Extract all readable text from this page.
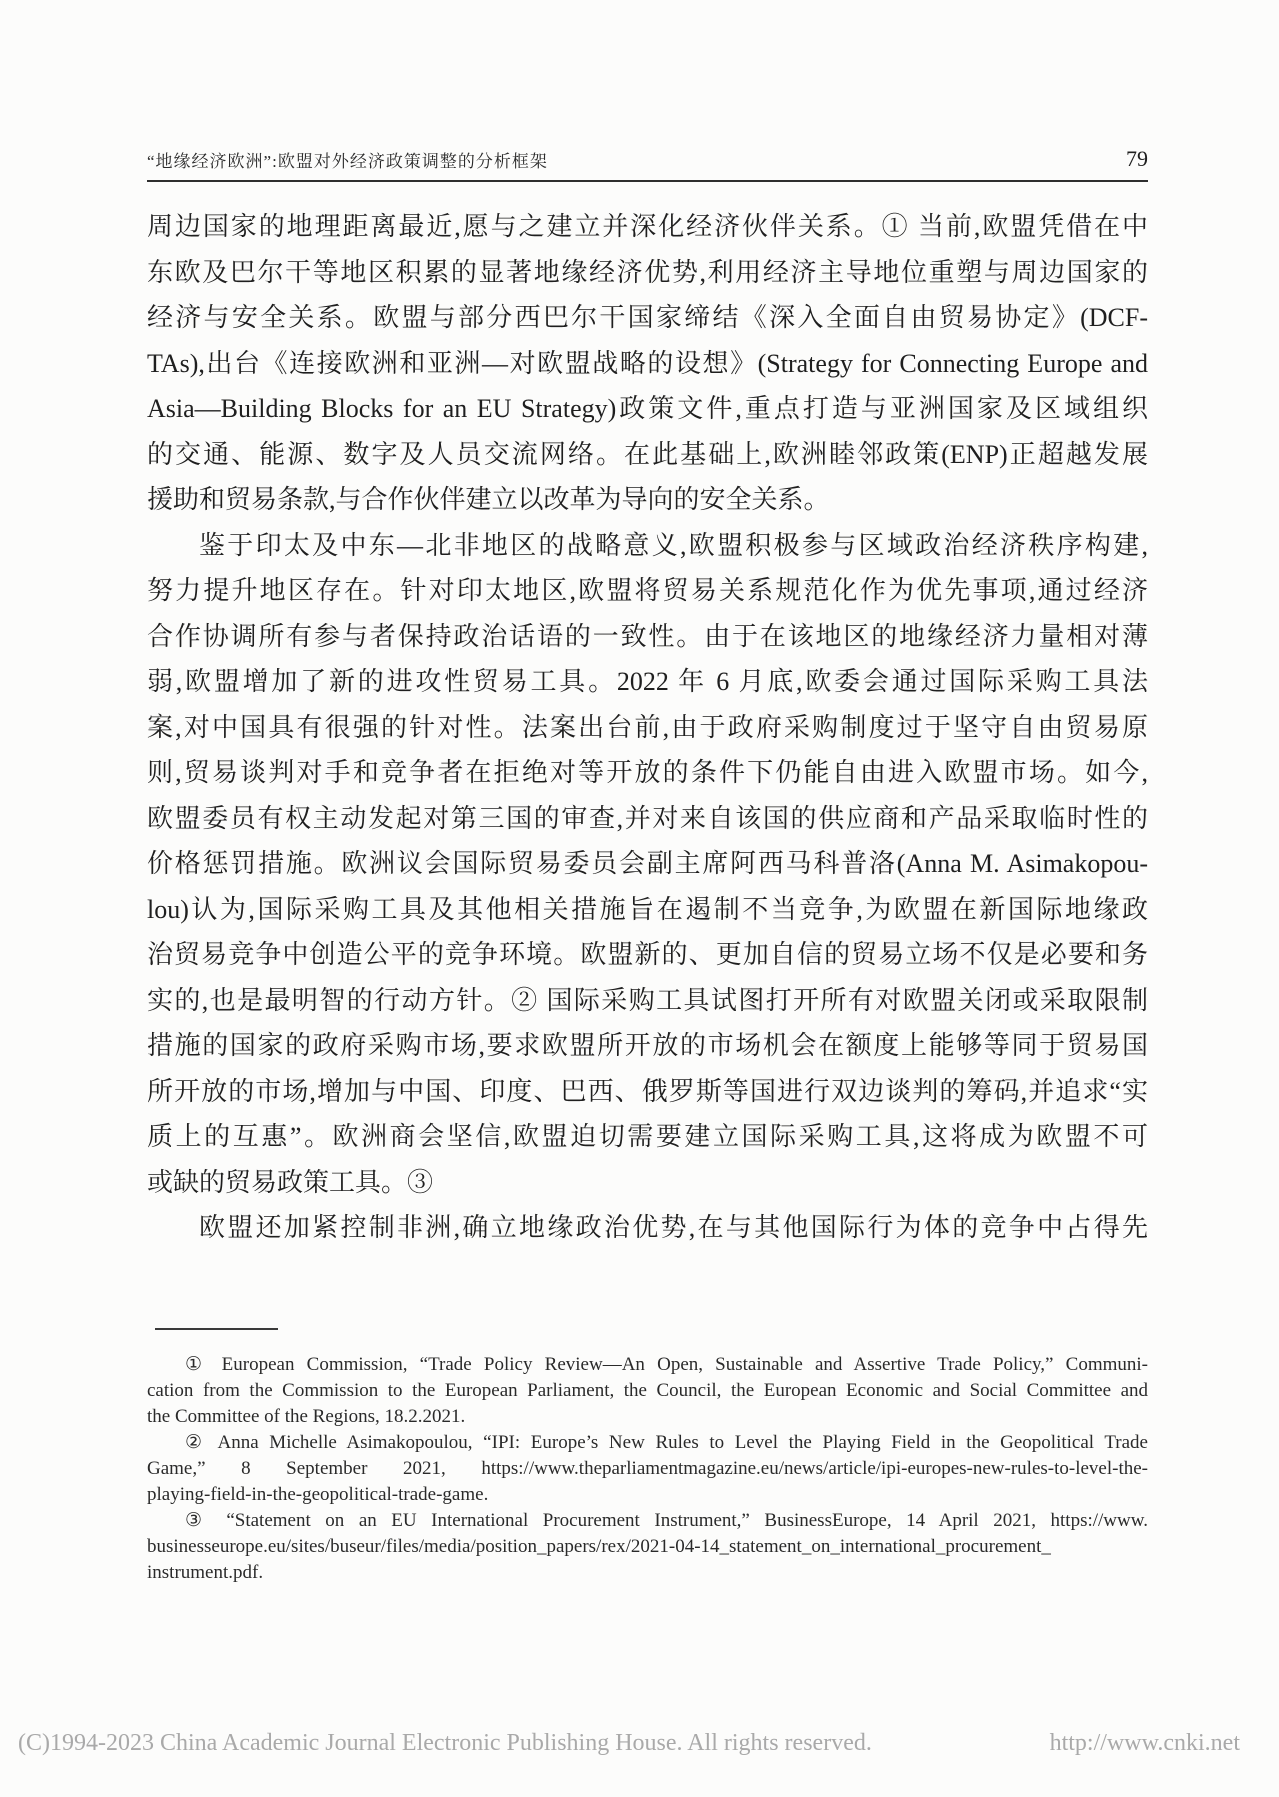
“地缘经济欧洲”:欧盟对外经济政策调整的分析框架	79
周边国家的地理距离最近,愿与之建立并深化经济伙伴关系。① 当前,欧盟凭借在中
东欧及巴尔干等地区积累的显著地缘经济优势,利用经济主导地位重塑与周边国家的
经济与安全关系。欧盟与部分西巴尔干国家缔结《深入全面自由贸易协定》(DCF-
TAs),出台《连接欧洲和亚洲—对欧盟战略的设想》(Strategy for Connecting Europe and
Asia—Building Blocks for an EU Strategy)政策文件,重点打造与亚洲国家及区域组织
的交通、能源、数字及人员交流网络。在此基础上,欧洲睦邻政策(ENP)正超越发展
援助和贸易条款,与合作伙伴建立以改革为导向的安全关系。
鉴于印太及中东—北非地区的战略意义,欧盟积极参与区域政治经济秩序构建,
努力提升地区存在。针对印太地区,欧盟将贸易关系规范化作为优先事项,通过经济
合作协调所有参与者保持政治话语的一致性。由于在该地区的地缘经济力量相对薄
弱,欧盟增加了新的进攻性贸易工具。2022 年 6 月底,欧委会通过国际采购工具法
案,对中国具有很强的针对性。法案出台前,由于政府采购制度过于坚守自由贸易原
则,贸易谈判对手和竞争者在拒绝对等开放的条件下仍能自由进入欧盟市场。如今,
欧盟委员有权主动发起对第三国的审查,并对来自该国的供应商和产品采取临时性的
价格惩罚措施。欧洲议会国际贸易委员会副主席阿西马科普洛(Anna M. Asimakopou-
lou)认为,国际采购工具及其他相关措施旨在遏制不当竞争,为欧盟在新国际地缘政
治贸易竞争中创造公平的竞争环境。欧盟新的、更加自信的贸易立场不仅是必要和务
实的,也是最明智的行动方针。② 国际采购工具试图打开所有对欧盟关闭或采取限制
措施的国家的政府采购市场,要求欧盟所开放的市场机会在额度上能够等同于贸易国
所开放的市场,增加与中国、印度、巴西、俄罗斯等国进行双边谈判的筹码,并追求“实
质上的互惠”。欧洲商会坚信,欧盟迫切需要建立国际采购工具,这将成为欧盟不可
或缺的贸易政策工具。③
欧盟还加紧控制非洲,确立地缘政治优势,在与其他国际行为体的竞争中占得先
① European Commission, “Trade Policy Review—An Open, Sustainable and Assertive Trade Policy,” Communi-
cation from the Commission to the European Parliament, the Council, the European Economic and Social Committee and
the Committee of the Regions, 18.2.2021.
② Anna Michelle Asimakopoulou, “IPI: Europe’s New Rules to Level the Playing Field in the Geopolitical Trade
Game,” 8 September 2021, https://www.theparliamentmagazine.eu/news/article/ipi-europes-new-rules-to-level-the-
playing-field-in-the-geopolitical-trade-game.
③ “Statement on an EU International Procurement Instrument,” BusinessEurope, 14 April 2021, https://www.
businesseurope.eu/sites/buseur/files/media/position_papers/rex/2021-04-14_statement_on_international_procurement_
instrument.pdf.
(C)1994-2023 China Academic Journal Electronic Publishing House. All rights reserved.	http://www.cnki.net
